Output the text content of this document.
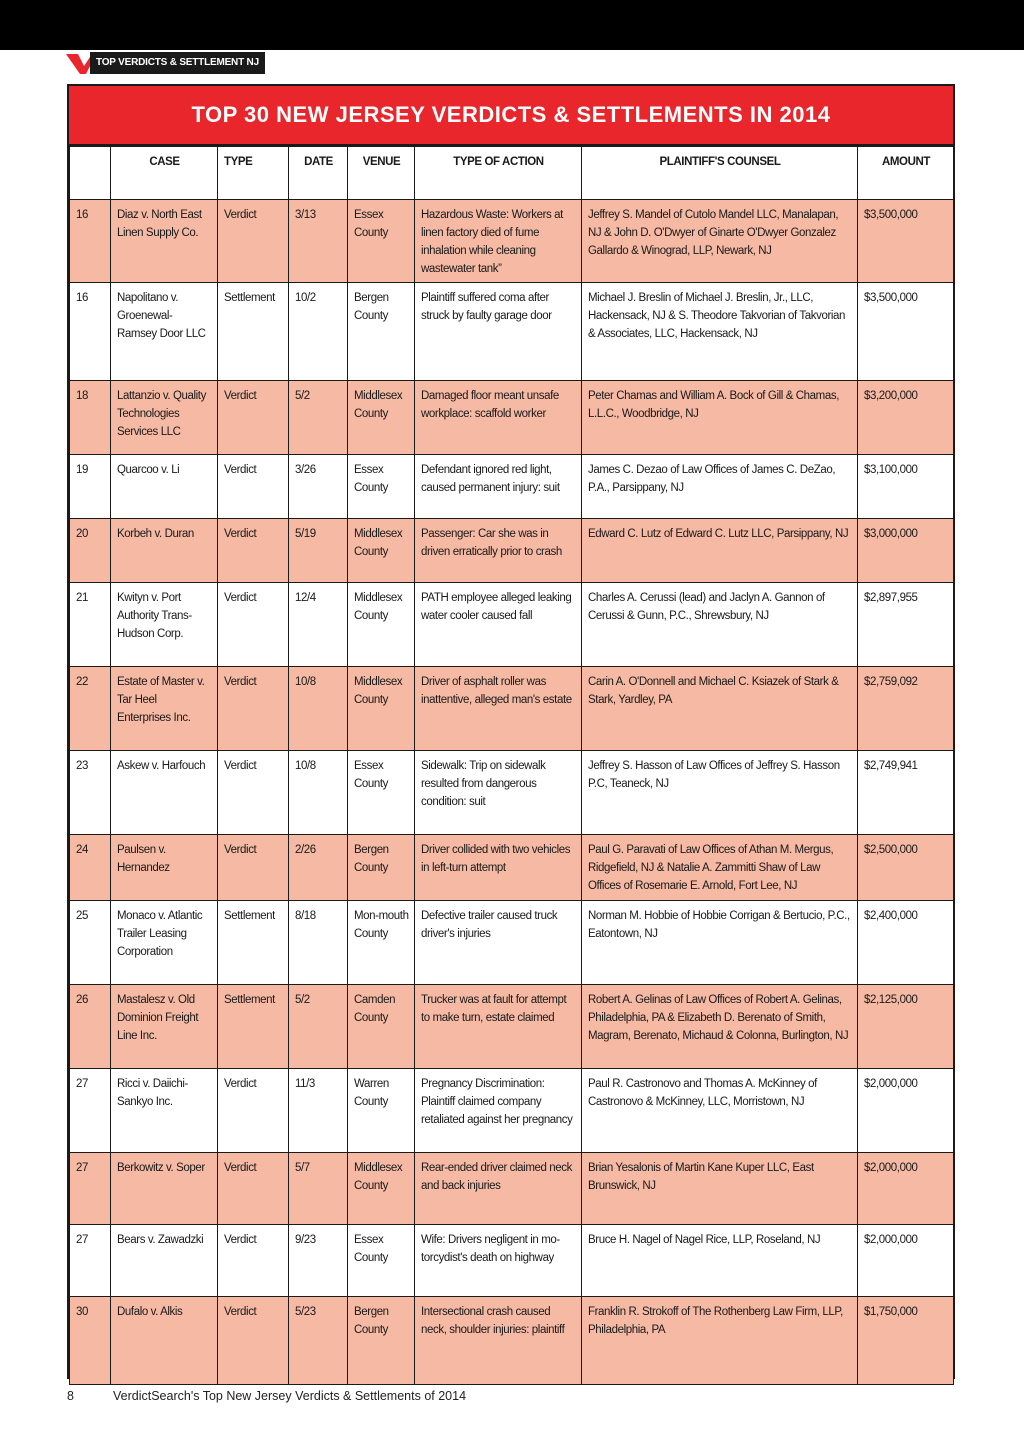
TOP VERDICTS & SETTLEMENT NJ
TOP 30 NEW JERSEY VERDICTS & SETTLEMENTS IN 2014
	CASE	TYPE	DATE	VENUE	TYPE OF ACTION	PLAINTIFF'S COUNSEL	AMOUNT
16	Diaz v. North East Linen Supply Co.	Verdict	3/13	Essex County	Hazardous Waste: Workers at linen factory died of fume inhalation while cleaning wastewater tank”	Jeffrey S. Mandel of Cutolo Mandel LLC, Manalapan, NJ & John D. O'Dwyer of Ginarte O'Dwyer Gonzalez Gallardo & Winograd, LLP, Newark, NJ	$3,500,000
16	Napolitano v. Groenewal-Ramsey Door LLC	Settlement	10/2	Bergen County	Plaintiff suffered coma after struck by faulty garage door	Michael J. Breslin of Michael J. Breslin, Jr., LLC, Hackensack, NJ & S. Theodore Takvorian of Takvorian & Associates, LLC, Hackensack, NJ	$3,500,000
18	Lattanzio v. Quality Technologies Services LLC	Verdict	5/2	Middlesex County	Damaged floor meant unsafe workplace: scaffold worker	Peter Chamas and William A. Bock of Gill & Chamas, L.L.C., Woodbridge, NJ	$3,200,000
19	Quarcoo v. Li	Verdict	3/26	Essex County	Defendant ignored red light, caused permanent injury: suit	James C. Dezao of Law Offices of James C. DeZao, P.A., Parsippany, NJ	$3,100,000
20	Korbeh v. Duran	Verdict	5/19	Middlesex County	Passenger: Car she was in driven erratically prior to crash	Edward C. Lutz of Edward C. Lutz LLC, Parsippany, NJ	$3,000,000
21	Kwityn v. Port Authority Trans-Hudson Corp.	Verdict	12/4	Middlesex County	PATH employee alleged leaking water cooler caused fall	Charles A. Cerussi (lead) and Jaclyn A. Gannon of Cerussi & Gunn, P.C., Shrewsbury, NJ	$2,897,955
22	Estate of Master v. Tar Heel Enterprises Inc.	Verdict	10/8	Middlesex County	Driver of asphalt roller was inattentive, alleged man's estate	Carin A. O'Donnell and Michael C. Ksiazek of Stark & Stark, Yardley, PA	$2,759,092
23	Askew v. Harfouch	Verdict	10/8	Essex County	Sidewalk: Trip on sidewalk resulted from dangerous condition: suit	Jeffrey S. Hasson of Law Offices of Jeffrey S. Hasson P.C, Teaneck, NJ	$2,749,941
24	Paulsen v. Hernandez	Verdict	2/26	Bergen County	Driver collided with two vehicles in left-turn attempt	Paul G. Paravati of Law Offices of Athan M. Mergus, Ridgefield, NJ & Natalie A. Zammitti Shaw of Law Offices of Rosemarie E. Arnold, Fort Lee, NJ	$2,500,000
25	Monaco v. Atlantic Trailer Leasing Corporation	Settlement	8/18	Mon-mouth County	Defective trailer caused truck driver's injuries	Norman M. Hobbie of Hobbie Corrigan & Bertucio, P.C., Eatontown, NJ	$2,400,000
26	Mastalesz v. Old Dominion Freight Line Inc.	Settlement	5/2	Camden County	Trucker was at fault for attempt to make turn, estate claimed	Robert A. Gelinas of Law Offices of Robert A. Gelinas, Philadelphia, PA & Elizabeth D. Berenato of Smith, Magram, Berenato, Michaud & Colonna, Burlington, NJ	$2,125,000
27	Ricci v. Daiichi-Sankyo Inc.	Verdict	11/3	Warren County	Pregnancy Discrimination: Plaintiff claimed company retaliated against her pregnancy	Paul R. Castronovo and Thomas A. McKinney of Castronovo & McKinney, LLC, Morristown, NJ	$2,000,000
27	Berkowitz v. Soper	Verdict	5/7	Middlesex County	Rear-ended driver claimed neck and back injuries	Brian Yesalonis of Martin Kane Kuper LLC, East Brunswick, NJ	$2,000,000
27	Bears v. Zawadzki	Verdict	9/23	Essex County	Wife: Drivers negligent in mo-torcydist's death on highway	Bruce H. Nagel of Nagel Rice, LLP, Roseland, NJ	$2,000,000
30	Dufalo v. Alkis	Verdict	5/23	Bergen County	Intersectional crash caused neck, shoulder injuries: plaintiff	Franklin R. Strokoff of The Rothenberg Law Firm, LLP, Philadelphia, PA	$1,750,000
8	VerdictSearch's Top New Jersey Verdicts & Settlements of 2014
